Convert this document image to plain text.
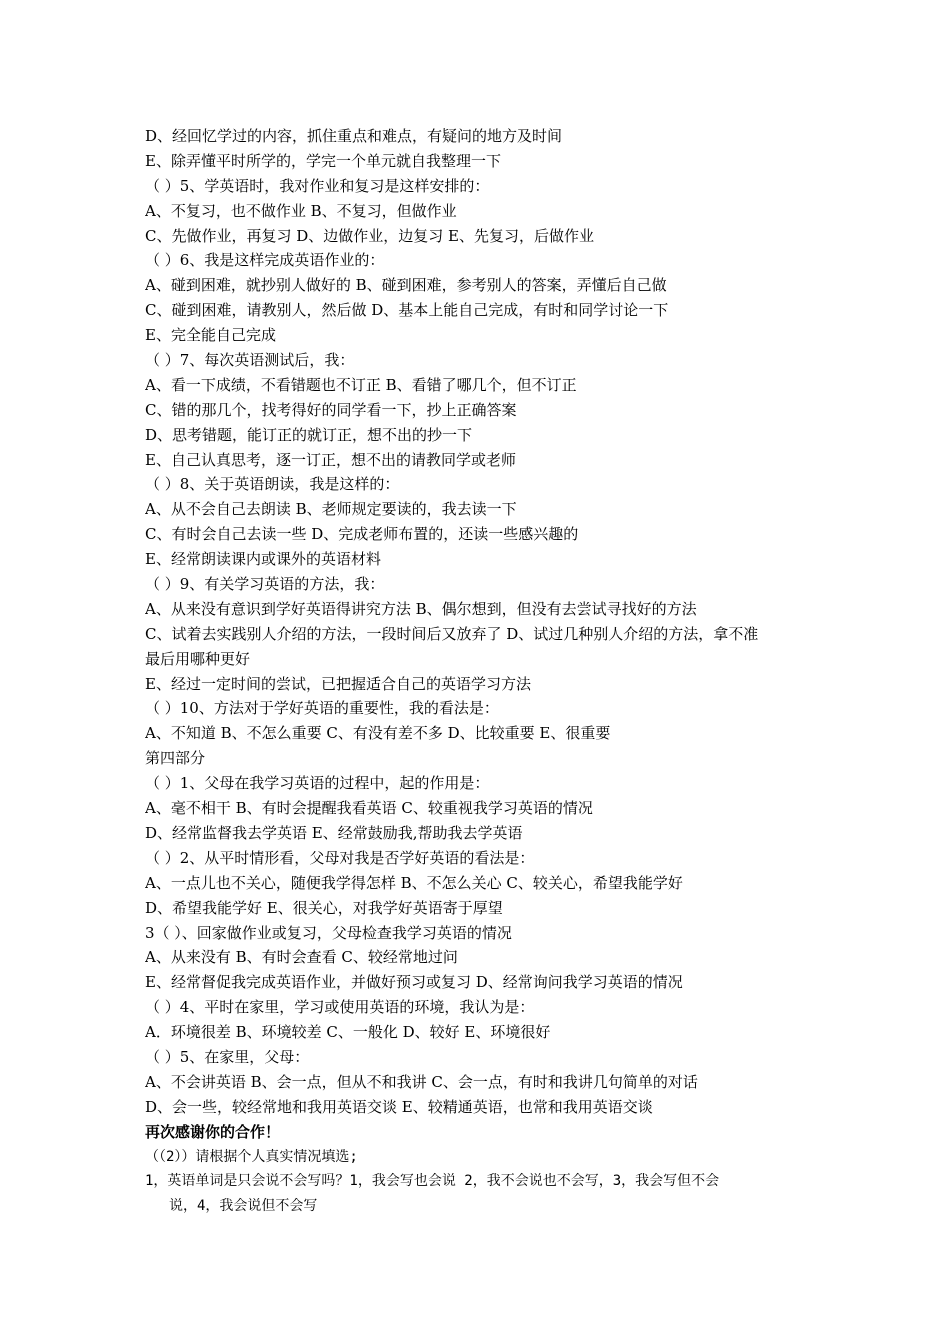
D、经回忆学过的内容，抓住重点和难点，有疑问的地方及时间

E、除弄懂平时所学的，学完一个单元就自我整理一下

（ ）5、学英语时，我对作业和复习是这样安排的：

A、不复习，也不做作业 B、不复习，但做作业

C、先做作业，再复习 D、边做作业，边复习 E、先复习，后做作业

（ ）6、我是这样完成英语作业的：

A、碰到困难，就抄别人做好的 B、碰到困难，参考别人的答案，弄懂后自己做

C、碰到困难，请教别人，然后做 D、基本上能自己完成，有时和同学讨论一下

E、完全能自己完成

（ ）7、每次英语测试后，我：

A、看一下成绩，不看错题也不订正 B、看错了哪几个，但不订正

C、错的那几个，找考得好的同学看一下，抄上正确答案

D、思考错题，能订正的就订正，想不出的抄一下

E、自己认真思考，逐一订正，想不出的请教同学或老师

（ ）8、关于英语朗读，我是这样的：

A、从不会自己去朗读 B、老师规定要读的，我去读一下

C、有时会自己去读一些 D、完成老师布置的，还读一些感兴趣的

E、经常朗读课内或课外的英语材料

（ ）9、有关学习英语的方法，我：

A、从来没有意识到学好英语得讲究方法 B、偶尔想到，但没有去尝试寻找好的方法

C、试着去实践别人介绍的方法，一段时间后又放弃了 D、试过几种别人介绍的方法，拿不准

最后用哪种更好

E、经过一定时间的尝试，已把握适合自己的英语学习方法

（ ）10、方法对于学好英语的重要性，我的看法是：

A、不知道 B、不怎么重要 C、有没有差不多 D、比较重要 E、很重要

第四部分

（ ）1、父母在我学习英语的过程中，起的作用是：

A、毫不相干 B、有时会提醒我看英语 C、较重视我学习英语的情况

D、经常监督我去学英语 E、经常鼓励我,帮助我去学英语

（ ）2、从平时情形看，父母对我是否学好英语的看法是：

A、一点儿也不关心，随便我学得怎样 B、不怎么关心 C、较关心，希望我能学好

D、希望我能学好 E、很关心，对我学好英语寄于厚望

3（ ）、回家做作业或复习，父母检查我学习英语的情况

A、从来没有 B、有时会查看 C、较经常地过问

E、经常督促我完成英语作业，并做好预习或复习 D、经常询问我学习英语的情况

（ ）4、平时在家里，学习或使用英语的环境，我认为是：

A．环境很差 B、环境较差 C、一般化 D、较好 E、环境很好

（ ）5、在家里，父母：

A、不会讲英语 B、会一点，但从不和我讲 C、会一点，有时和我讲几句简单的对话

D、会一些，较经常地和我用英语交谈 E、较精通英语，也常和我用英语交谈

再次感谢你的合作！

（（2））请根据个人真实情况填选;

1，英语单词是只会说不会写吗？1，我会写也会说 2，我不会说也不会写，3，我会写但不会

说，4，我会说但不会写
